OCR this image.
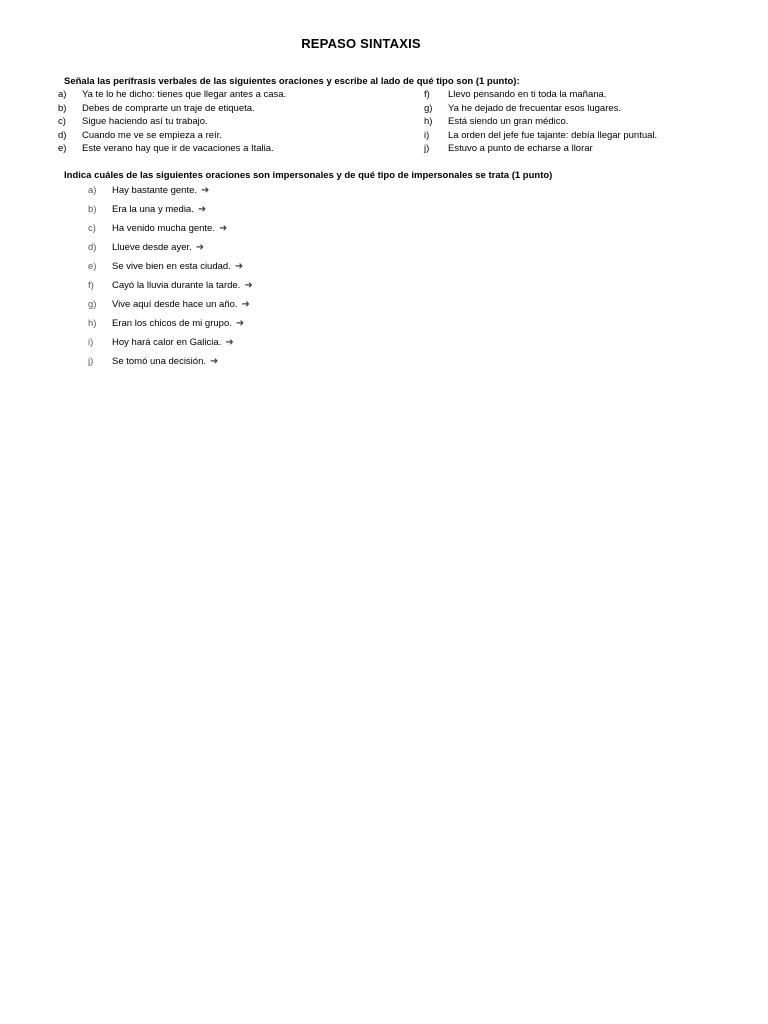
REPASO SINTAXIS
Señala las perífrasis verbales de las siguientes oraciones y escribe al lado de qué tipo son (1 punto):
a) Ya te lo he dicho: tienes que llegar antes a casa.
b) Debes de comprarte un traje de etiqueta.
c) Sigue haciendo así tu trabajo.
d) Cuando me ve se empieza a reír.
e) Este verano hay que ir de vacaciones a Italia.
f) Llevo pensando en ti toda la mañana.
g) Ya he dejado de frecuentar esos lugares.
h) Está siendo un gran médico.
i) La orden del jefe fue tajante: debía llegar puntual.
j) Estuvo a punto de echarse a llorar
Indica cuáles de las siguientes oraciones son impersonales y de qué tipo de impersonales se trata (1 punto)
a) Hay bastante gente. ➜
b) Era la una y media. ➜
c) Ha venido mucha gente. ➜
d) Llueve desde ayer. ➜
e) Se vive bien en esta ciudad. ➜
f) Cayó la lluvia durante la tarde. ➜
g) Vive aquí desde hace un año. ➜
h) Eran los chicos de mi grupo. ➜
i) Hoy hará calor en Galicia. ➜
j) Se tomó una decisión. ➜
